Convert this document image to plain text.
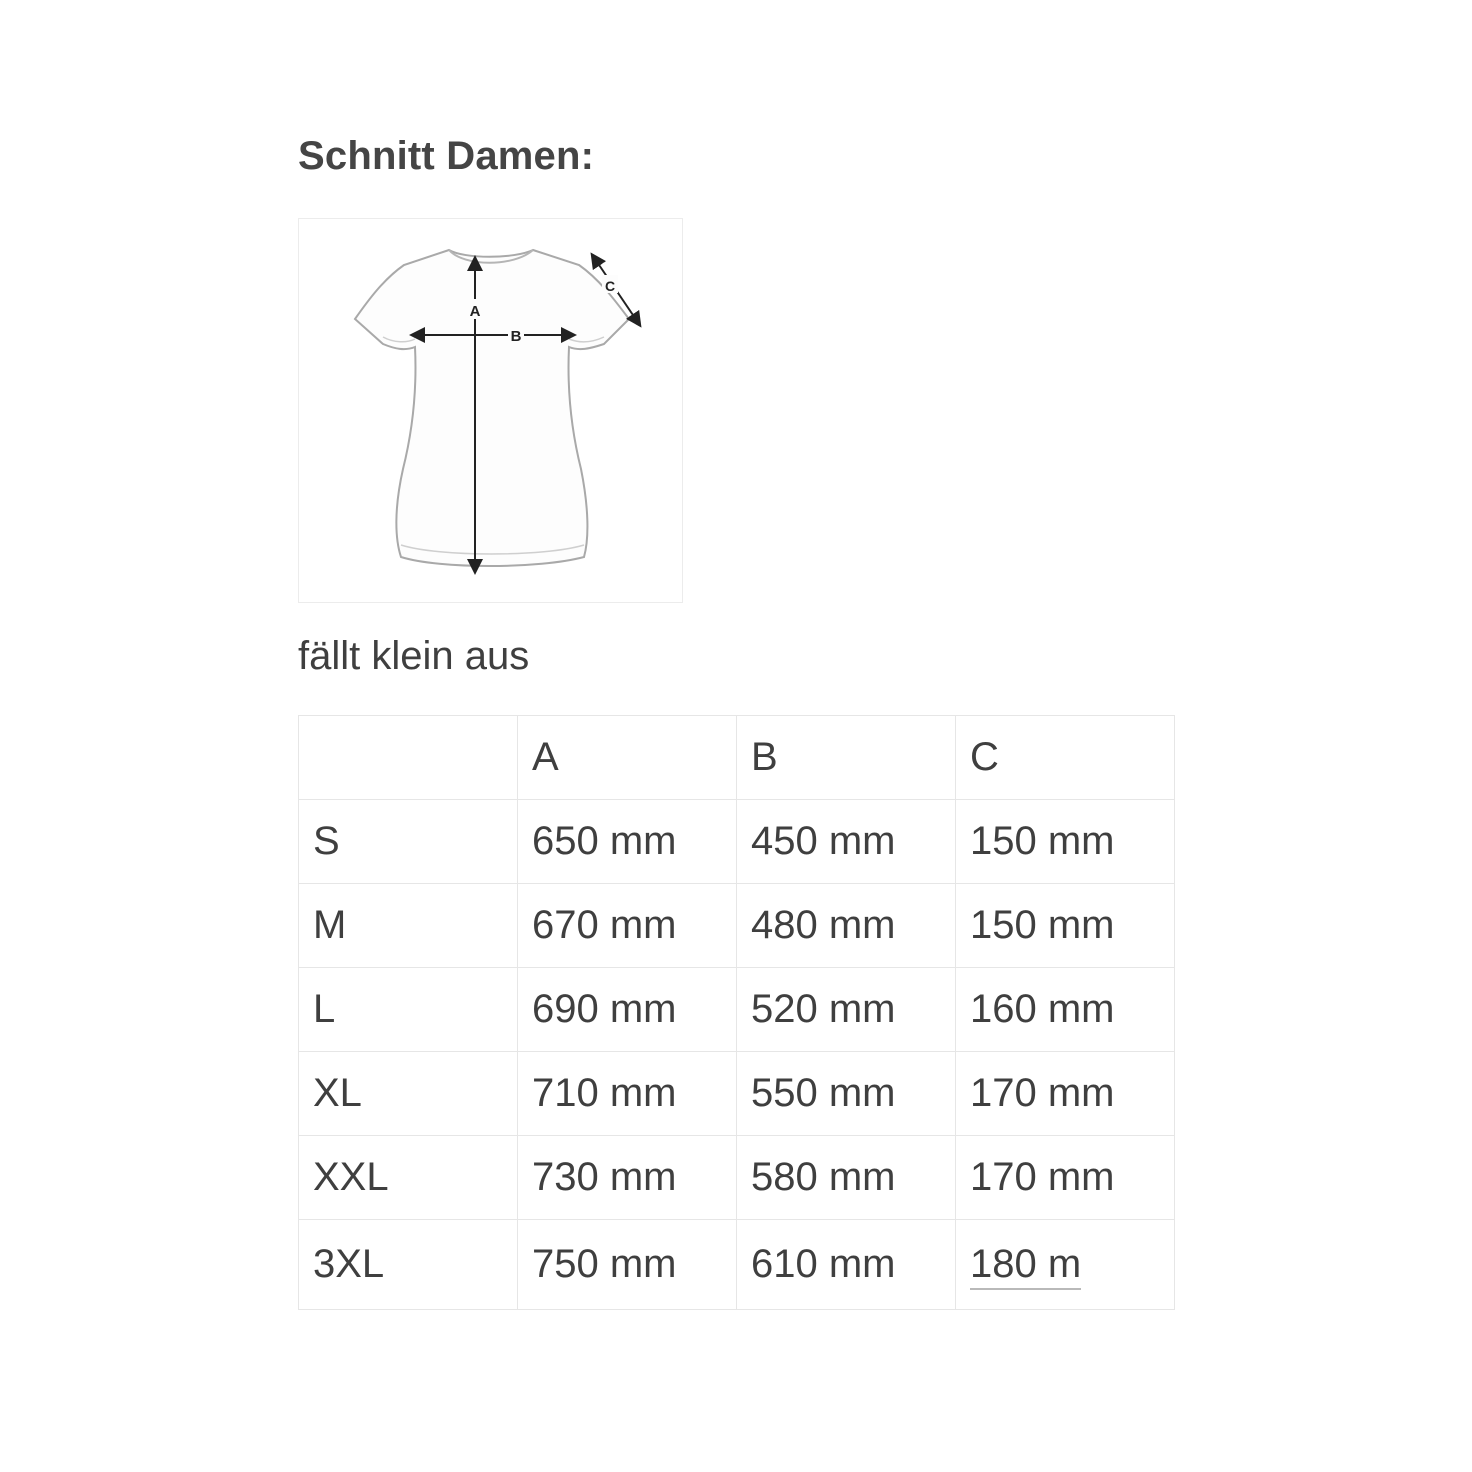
Schnitt Damen:
A
B
C
fällt klein aus
	A	B	C
S	650 mm	450 mm	150 mm
M	670 mm	480 mm	150 mm
L	690 mm	520 mm	160 mm
XL	710 mm	550 mm	170 mm
XXL	730 mm	580 mm	170 mm
3XL	750 mm	610 mm	180 m
